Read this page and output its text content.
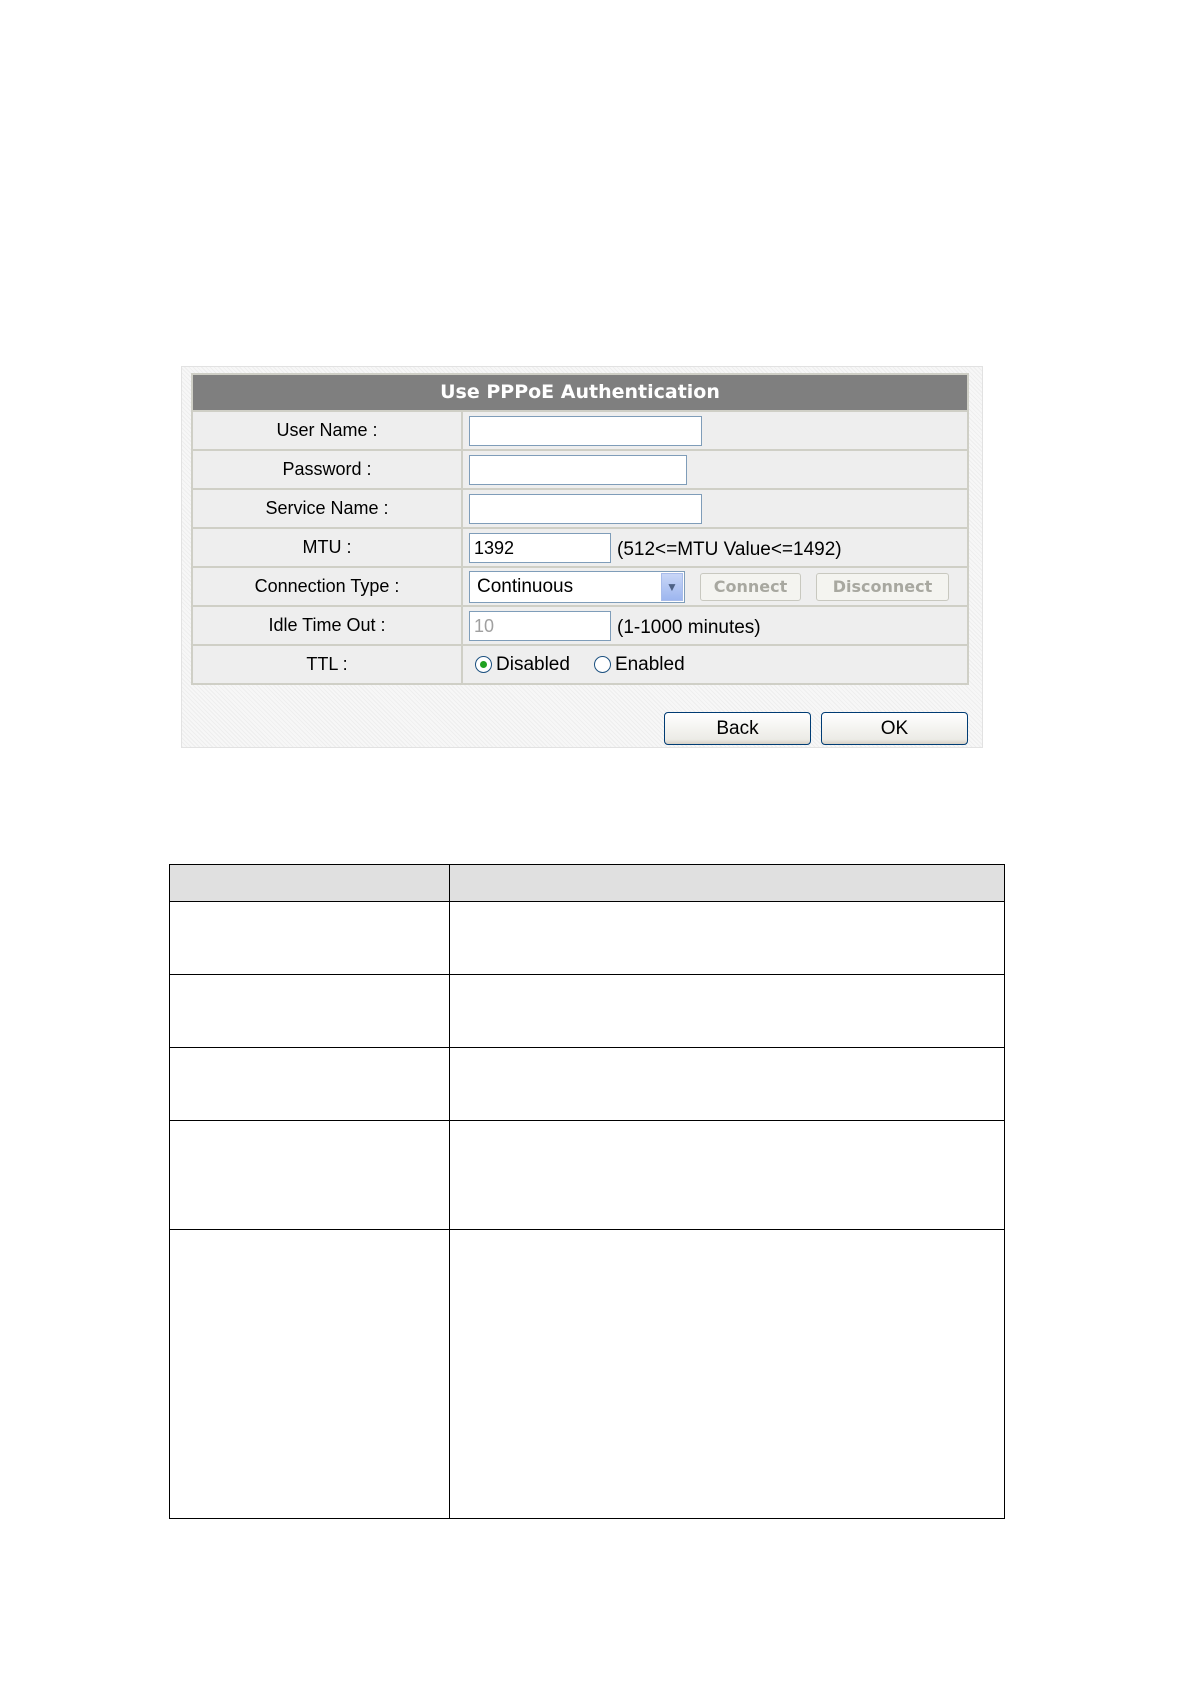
Use PPPoE Authentication
User Name :
Password :
Service Name :
MTU :	1392	(512<=MTU Value<=1492)
Connection Type :	Continuous	▼	Connect	Disconnect
Idle Time Out :	10	(1-1000 minutes)
TTL :	Disabled Enabled
Back	OK
